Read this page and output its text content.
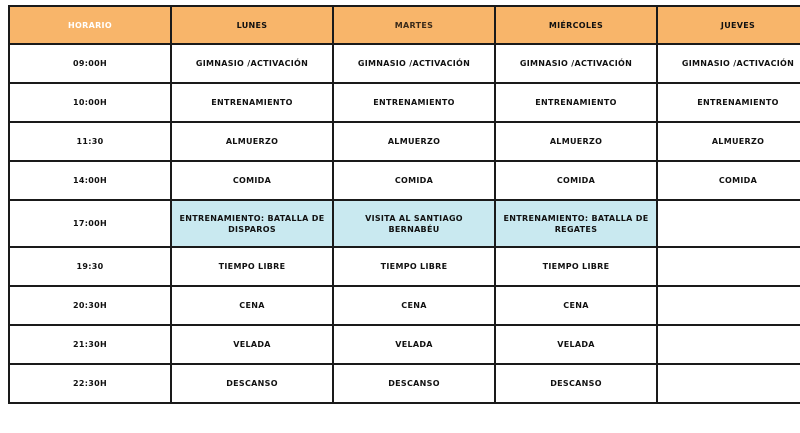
HORARIO	LUNES	MARTES	MIÉRCOLES	JUEVES
09:00H	GIMNASIO /ACTIVACIÓN	GIMNASIO /ACTIVACIÓN	GIMNASIO /ACTIVACIÓN	GIMNASIO /ACTIVACIÓN
10:00H	ENTRENAMIENTO	ENTRENAMIENTO	ENTRENAMIENTO	ENTRENAMIENTO
11:30	ALMUERZO	ALMUERZO	ALMUERZO	ALMUERZO
14:00H	COMIDA	COMIDA	COMIDA	COMIDA
17:00H	ENTRENAMIENTO: BATALLA DE DISPAROS	VISITA AL SANTIAGO BERNABÉU	ENTRENAMIENTO: BATALLA DE REGATES	
19:30	TIEMPO LIBRE	TIEMPO LIBRE	TIEMPO LIBRE	
20:30H	CENA	CENA	CENA	
21:30H	VELADA	VELADA	VELADA	
22:30H	DESCANSO	DESCANSO	DESCANSO	
